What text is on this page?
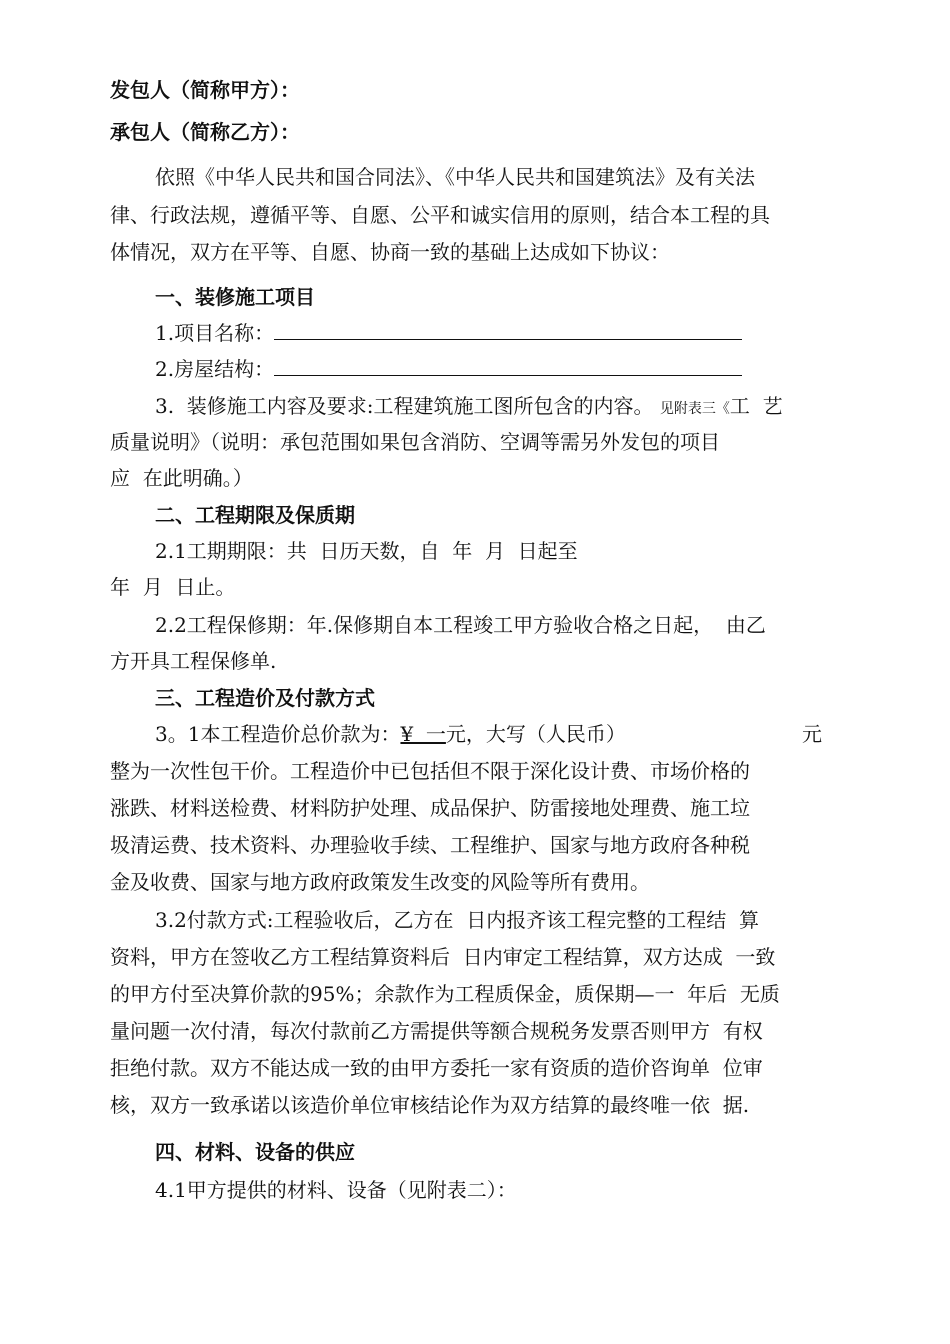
发包人（简称甲方）：
承包人（简称乙方）：
依照《中华人民共和国合同法》、《中华人民共和国建筑法》及有关法
律、行政法规，遵循平等、自愿、公平和诚实信用的原则，结合本工程的具
体情况，双方在平等、自愿、协商一致的基础上达成如下协议：
一、装修施工项目
1.项目名称：
2.房屋结构：
3.  装修施工内容及要求:工程建筑施工图所包含的内容。 见附表三《工  艺
质量说明》（说明：承包范围如果包含消防、空调等需另外发包的项目
应  在此明确。）
二、工程期限及保质期
2.1工期期限：共  日历天数，自  年  月  日起至
年  月  日止。
2.2工程保修期：年.保修期自本工程竣工甲方验收合格之日起，  由乙
方开具工程保修单.
三、工程造价及付款方式
3。1本工程造价总价款为：¥  一元，大写（人民币）	元
整为一次性包干价。工程造价中已包括但不限于深化设计费、市场价格的
涨跌、材料送检费、材料防护处理、成品保护、防雷接地处理费、施工垃
圾清运费、技术资料、办理验收手续、工程维护、国家与地方政府各种税
金及收费、国家与地方政府政策发生改变的风险等所有费用。
3.2付款方式:工程验收后，乙方在  日内报齐该工程完整的工程结  算
资料，甲方在签收乙方工程结算资料后  日内审定工程结算，双方达成  一致
的甲方付至决算价款的95%；余款作为工程质保金，质保期—一  年后  无质
量问题一次付清，每次付款前乙方需提供等额合规税务发票否则甲方  有权
拒绝付款。双方不能达成一致的由甲方委托一家有资质的造价咨询单  位审
核，双方一致承诺以该造价单位审核结论作为双方结算的最终唯一依  据.
四、材料、设备的供应
4.1甲方提供的材料、设备（见附表二）：
